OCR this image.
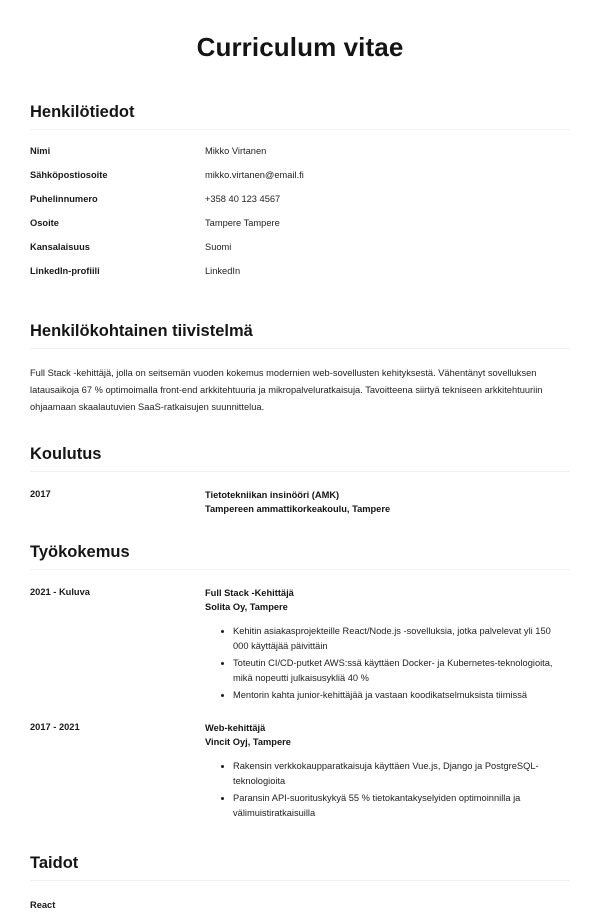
Curriculum vitae
Henkilötiedot
Nimi	Mikko Virtanen
Sähköpostiosoite	mikko.virtanen@email.fi
Puhelinnumero	+358 40 123 4567
Osoite	Tampere Tampere
Kansalaisuus	Suomi
LinkedIn-profiili	LinkedIn
Henkilökohtainen tiivistelmä

Full Stack -kehittäjä, jolla on seitsemän vuoden kokemus modernien web-sovellusten kehityksestä. Vähentänyt sovelluksen latausaikoja 67 % optimoimalla front-end arkkitehtuuria ja mikropalveluratkaisuja. Tavoitteena siirtyä tekniseen arkkitehtuuriin ohjaamaan skaalautuvien SaaS-ratkaisujen suunnittelua.

Koulutus
2017	Tietotekniikan insinööri (AMK)
Tampereen ammattikorkeakoulu, Tampere
Työkokemus
2021 - Kuluva	Full Stack -Kehittäjä
Solita Oy, Tampere
Kehitin asiakasprojekteille React/Node.js -sovelluksia, jotka palvelevat yli 150 000 käyttäjää päivittäin
Toteutin CI/CD-putket AWS:ssä käyttäen Docker- ja Kubernetes-teknologioita, mikä nopeutti julkaisusykliä 40 %
Mentorin kahta junior-kehittäjää ja vastaan koodikatselmuksista tiimissä
2017 - 2021	Web-kehittäjä
Vincit Oyj, Tampere
Rakensin verkkokaupparatkaisuja käyttäen Vue.js, Django ja PostgreSQL-teknologioita
Paransin API-suorituskykyä 55 % tietokantakyselyiden optimoinnilla ja välimuistiratkaisuilla
Taidot
React
